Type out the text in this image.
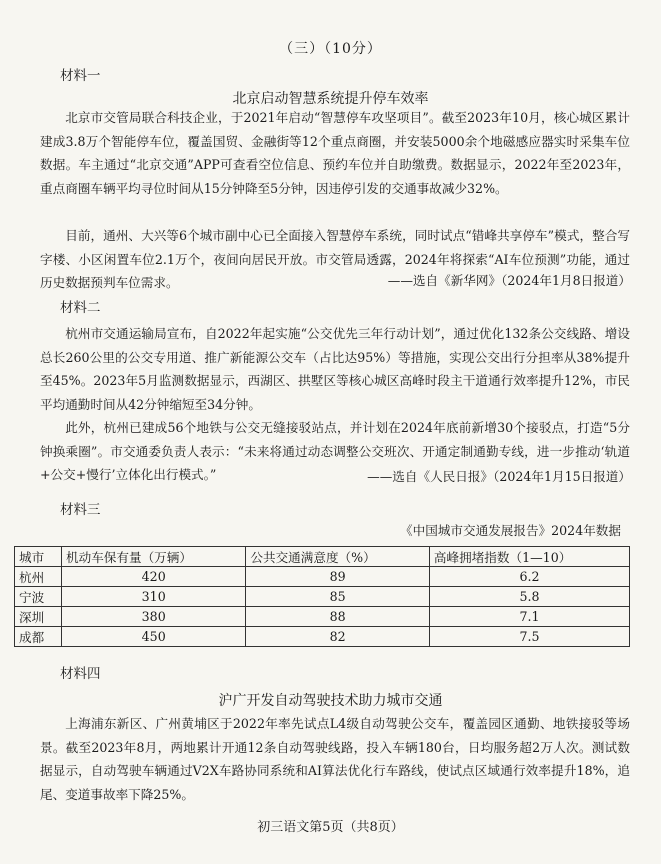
（三）（10分）
材料一
北京启动智慧系统提升停车效率

北京市交管局联合科技企业，于2021年启动“智慧停车攻坚项目”。截至2023年10月，核心城区累计建成3.8万个智能停车位，覆盖国贸、金融街等12个重点商圈，并安装5000余个地磁感应器实时采集车位数据。车主通过“北京交通”APP可查看空位信息、预约车位并自助缴费。数据显示，2022年至2023年，重点商圈车辆平均寻位时间从15分钟降至5分钟，因违停引发的交通事故减少32%。

目前，通州、大兴等6个城市副中心已全面接入智慧停车系统，同时试点“错峰共享停车”模式，整合写字楼、小区闲置车位2.1万个，夜间向居民开放。市交管局透露，2024年将探索“AI车位预测”功能，通过历史数据预判车位需求。	——选自《新华网》（2024年1月8日报道）
材料二

杭州市交通运输局宣布，自2022年起实施“公交优先三年行动计划”，通过优化132条公交线路、增设总长260公里的公交专用道、推广新能源公交车（占比达95%）等措施，实现公交出行分担率从38%提升至45%。2023年5月监测数据显示，西湖区、拱墅区等核心城区高峰时段主干道通行效率提升12%，市民平均通勤时间从42分钟缩短至34分钟。

此外，杭州已建成56个地铁与公交无缝接驳站点，并计划在2024年底前新增30个接驳点，打造“5分钟换乘圈”。市交通委负责人表示：“未来将通过动态调整公交班次、开通定制通勤专线，进一步推动‘轨道+公交+慢行’立体化出行模式。”	——选自《人民日报》（2024年1月15日报道）
材料三
《中国城市交通发展报告》2024年数据
城市	机动车保有量（万辆）	公共交通满意度（%）	高峰拥堵指数（1—10）
杭州	420	89	6.2
宁波	310	85	5.8
深圳	380	88	7.1
成都	450	82	7.5
材料四
沪广开发自动驾驶技术助力城市交通

上海浦东新区、广州黄埔区于2022年率先试点L4级自动驾驶公交车，覆盖园区通勤、地铁接驳等场景。截至2023年8月，两地累计开通12条自动驾驶线路，投入车辆180台，日均服务超2万人次。测试数据显示，自动驾驶车辆通过V2X车路协同系统和AI算法优化行车路线，使试点区域通行效率提升18%，追尾、变道事故率下降25%。

初三语文第5页（共8页）
